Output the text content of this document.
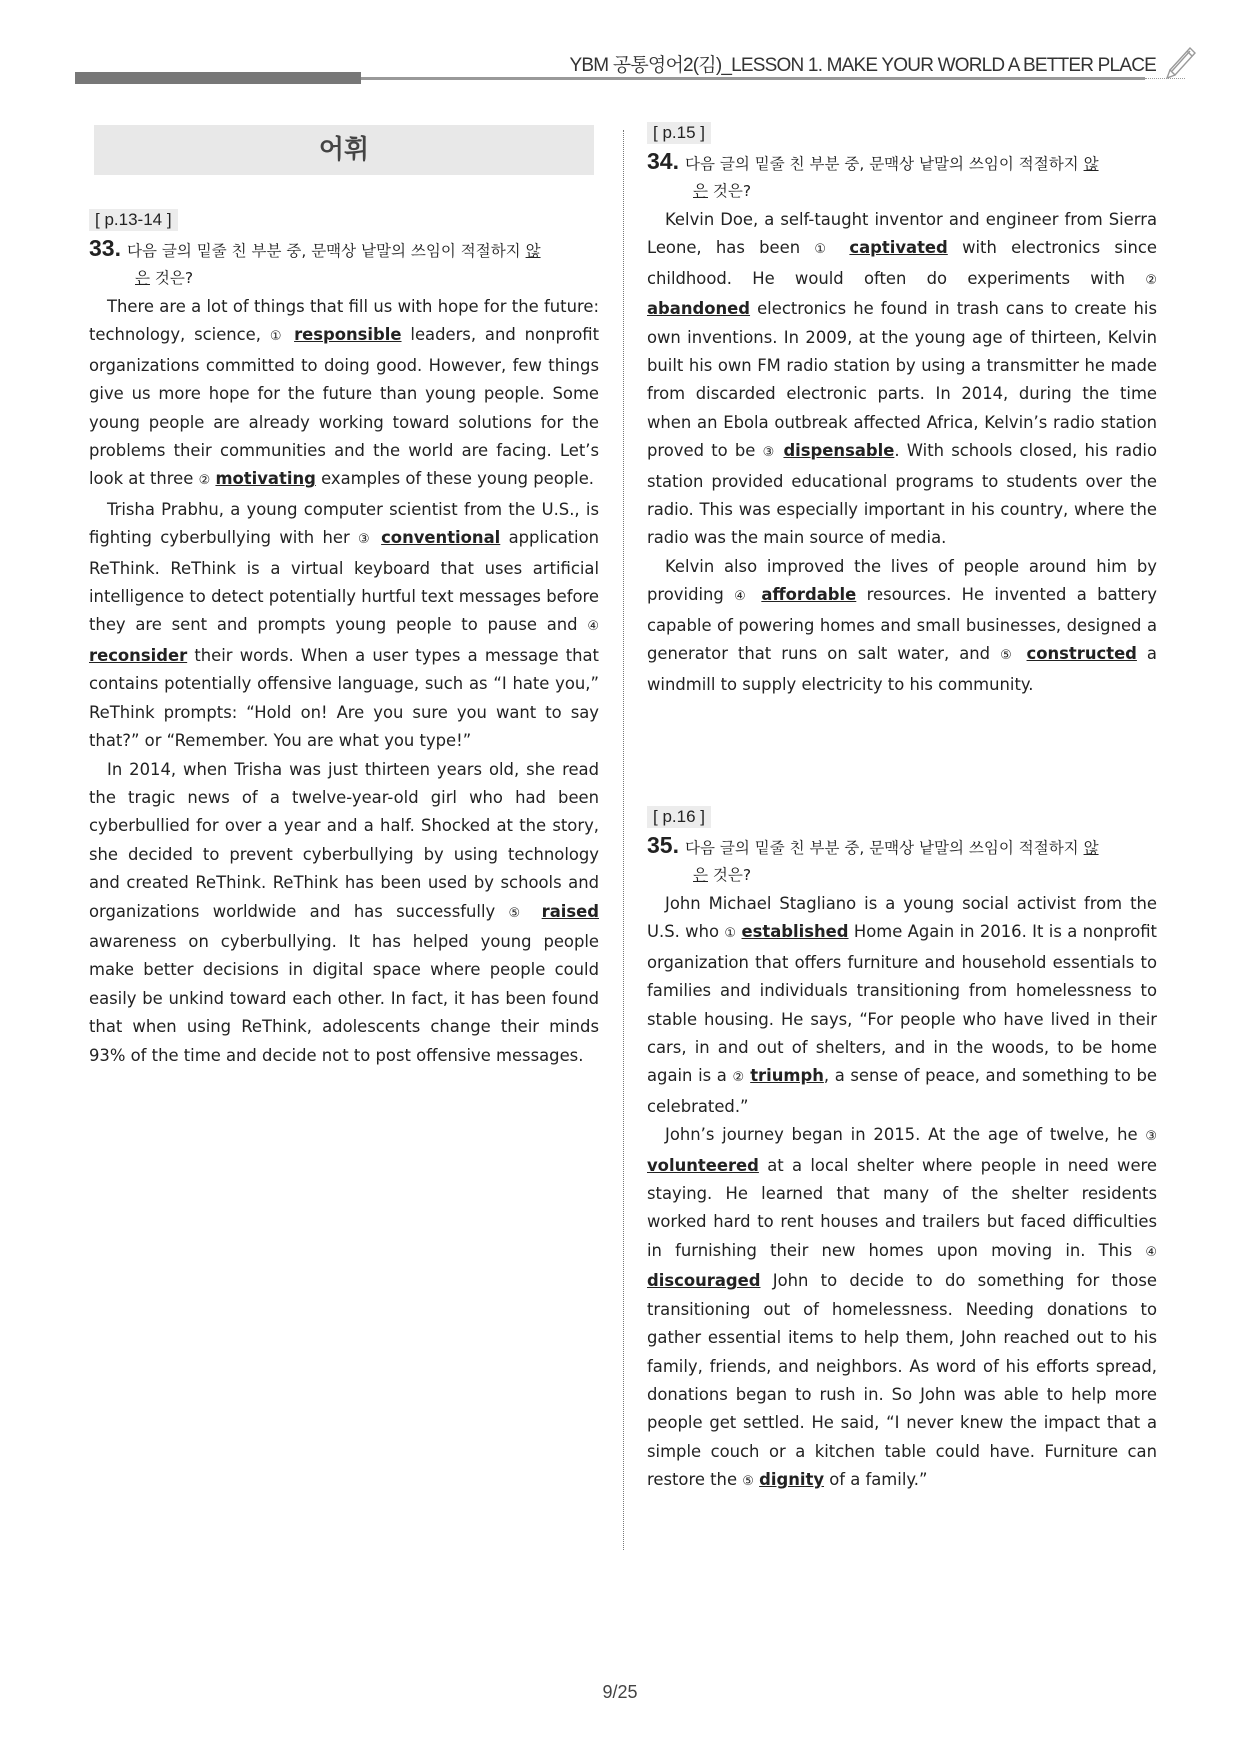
YBM 공통영어2(김)_LESSON 1. MAKE YOUR WORLD A BETTER PLACE
어휘
[ p.13-14 ]
33. 다음 글의 밑줄 친 부분 중, 문맥상 낱말의 쓰임이 적절하지 않
은 것은?

There are a lot of things that fill us with hope for the future: technology, science, ① responsible leaders, and nonprofit organizations committed to doing good. However, few things give us more hope for the future than young people. Some young people are already working toward solutions for the problems their communities and the world are facing. Let’s look at three ② motivating examples of these young people.

Trisha Prabhu, a young computer scientist from the U.S., is fighting cyberbullying with her ③ conventional application ReThink. ReThink is a virtual keyboard that uses artificial intelligence to detect potentially hurtful text messages before they are sent and prompts young people to pause and ④ reconsider their words. When a user types a message that contains potentially offensive language, such as “I hate you,” ReThink prompts: “Hold on! Are you sure you want to say that?” or “Remember. You are what you type!”

In 2014, when Trisha was just thirteen years old, she read the tragic news of a twelve-year-old girl who had been cyberbullied for over a year and a half. Shocked at the story, she decided to prevent cyberbullying by using technology and created ReThink. ReThink has been used by schools and organizations worldwide and has successfully ⑤ raised awareness on cyberbullying. It has helped young people make better decisions in digital space where people could easily be unkind toward each other. In fact, it has been found that when using ReThink, adolescents change their minds 93% of the time and decide not to post offensive messages.

[ p.15 ]
34. 다음 글의 밑줄 친 부분 중, 문맥상 낱말의 쓰임이 적절하지 않
은 것은?

Kelvin Doe, a self-taught inventor and engineer from Sierra Leone, has been ① captivated with electronics since childhood. He would often do experiments with ② abandoned electronics he found in trash cans to create his own inventions. In 2009, at the young age of thirteen, Kelvin built his own FM radio station by using a transmitter he made from discarded electronic parts. In 2014, during the time when an Ebola outbreak affected Africa, Kelvin’s radio station proved to be ③ dispensable. With schools closed, his radio station provided educational programs to students over the radio. This was especially important in his country, where the radio was the main source of media.

Kelvin also improved the lives of people around him by providing ④ affordable resources. He invented a battery capable of powering homes and small businesses, designed a generator that runs on salt water, and ⑤ constructed a windmill to supply electricity to his community.

[ p.16 ]
35. 다음 글의 밑줄 친 부분 중, 문맥상 낱말의 쓰임이 적절하지 않
은 것은?

John Michael Stagliano is a young social activist from the U.S. who ① established Home Again in 2016. It is a nonprofit organization that offers furniture and household essentials to families and individuals transitioning from homelessness to stable housing. He says, “For people who have lived in their cars, in and out of shelters, and in the woods, to be home again is a ② triumph, a sense of peace, and something to be celebrated.”

John’s journey began in 2015. At the age of twelve, he ③ volunteered at a local shelter where people in need were staying. He learned that many of the shelter residents worked hard to rent houses and trailers but faced difficulties in furnishing their new homes upon moving in. This ④ discouraged John to decide to do something for those transitioning out of homelessness. Needing donations to gather essential items to help them, John reached out to his family, friends, and neighbors. As word of his efforts spread, donations began to rush in. So John was able to help more people get settled. He said, “I never knew the impact that a simple couch or a kitchen table could have. Furniture can restore the ⑤ dignity of a family.”

9/25
